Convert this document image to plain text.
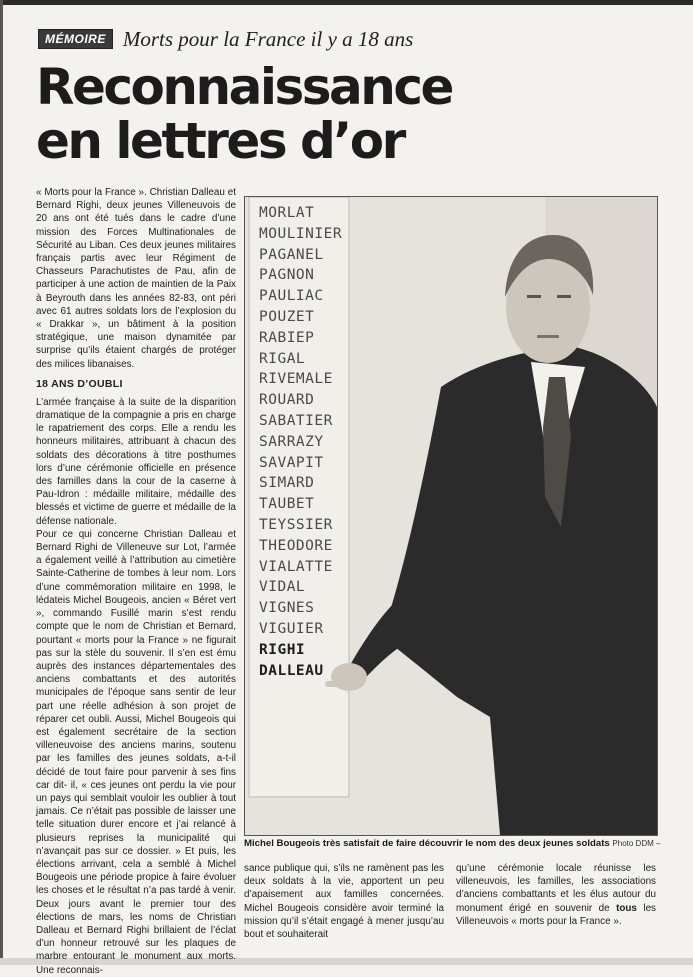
MÉMOIRE Morts pour la France il y a 18 ans
Reconnaissance
en lettres d’or

« Morts pour la France ». Christian Dalleau et Bernard Righi, deux jeunes Villeneuvois de 20 ans ont été tués dans le cadre d’une mission des Forces Multinationales de Sécurité au Liban. Ces deux jeunes militaires français partis avec leur Régiment de Chasseurs Parachutistes de Pau, afin de participer à une action de maintien de la Paix à Beyrouth dans les années 82-83, ont péri avec 61 autres soldats lors de l’explosion du « Drakkar », un bâtiment à la position stratégique, une maison dynamitée par surprise qu’ils étaient chargés de protéger des milices libanaises.

18 ANS D’OUBLI

L’armée française à la suite de la disparition dramatique de la compagnie a pris en charge le rapatriement des corps. Elle a rendu les honneurs militaires, attribuant à chacun des soldats des décorations à titre posthumes lors d’une cérémonie officielle en présence des familles dans la cour de la caserne à Pau-Idron : médaille militaire, médaille des blessés et victime de guerre et médaille de la défense nationale.

Pour ce qui concerne Christian Dalleau et Bernard Righi de Villeneuve sur Lot, l’armée a également veillé à l’attribution au cimetière Sainte-Catherine de tombes à leur nom. Lors d’une commémoration militaire en 1998, le lédateis Michel Bougeois, ancien « Béret vert », commando Fusillé marin s’est rendu compte que le nom de Christian et Bernard, pourtant « morts pour la France » ne figurait pas sur la stèle du souvenir. Il s’en est ému auprès des instances départementales des anciens combattants et des autorités municipales de l’époque sans sentir de leur part une réelle adhésion à son projet de réparer cet oubli. Aussi, Michel Bougeois qui est également secrétaire de la section villeneuvoise des anciens marins, soutenu par les familles des jeunes soldats, a-t-il décidé de tout faire pour parvenir à ses fins car dit- il, « ces jeunes ont perdu la vie pour un pays qui semblait vouloir les oublier à tout jamais. Ce n’était pas possible de laisser une telle situation durer encore et j’ai relancé à plusieurs reprises la municipalité qui n’avançait pas sur ce dossier. » Et puis, les élections arrivant, cela a semblé à Michel Bougeois une période propice à faire évoluer les choses et le résultat n’a pas tardé à venir. Deux jours avant le premier tour des élections de mars, les noms de Christian Dalleau et Bernard Righi brillaient de l’éclat d’un honneur retrouvé sur les plaques de marbre entourant le monument aux morts. Une reconnais-

MORLAT
MOULINIER
PAGANEL
PAGNON
PAULIAC
POUZET
RABIEP
RIGAL
RIVEMALE
ROUARD
SABATIER
SARRAZY
SAVAPIT
SIMARD
TAUBET
TEYSSIER
THEODORE
VIALATTE
VIDAL
VIGNES
VIGUIER
RIGHI
DALLEAU
Michel Bougeois très satisfait de faire découvrir le nom des deux jeunes soldats Photo DDM –

sance publique qui, s’ils ne ramènent pas les deux soldats à la vie, apportent un peu d’apaisement aux familles concernées. Michel Bougeois considère avoir terminé la mission qu’il s’était engagé à mener jusqu’au bout et souhaiterait

qu’une cérémonie locale réunisse les villeneuvois, les familles, les associations d’anciens combattants et les élus autour du monument érigé en souvenir de tous les Villeneuvois « morts pour la France ».
